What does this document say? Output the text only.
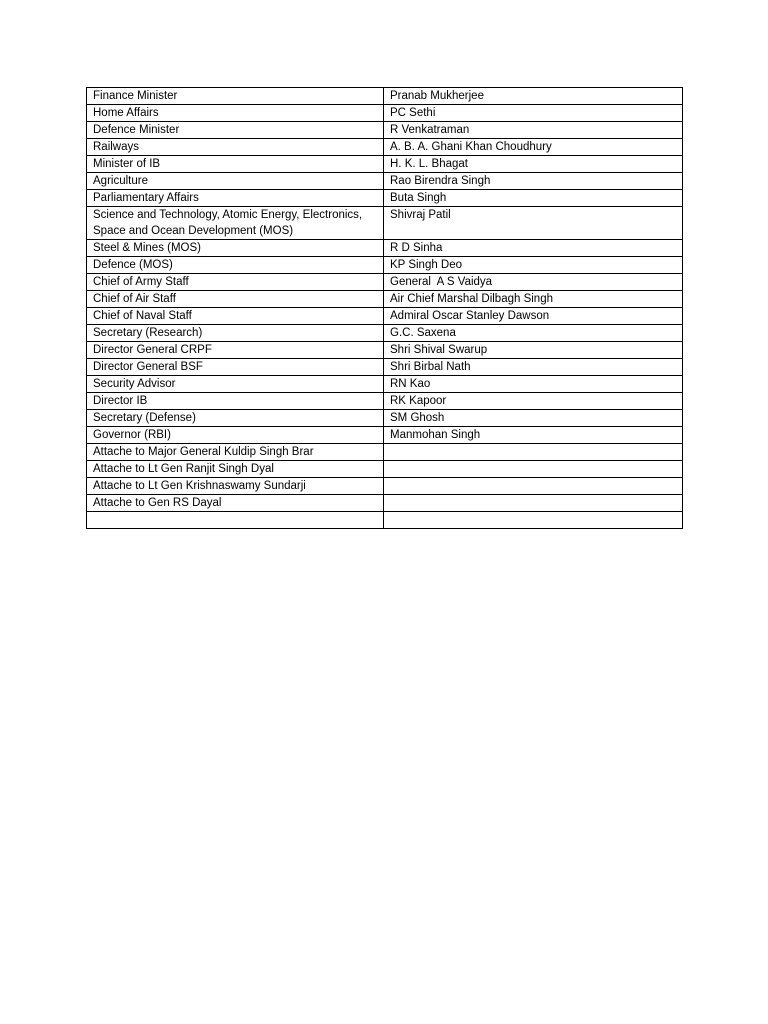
Finance Minister	Pranab Mukherjee
Home Affairs	PC Sethi
Defence Minister	R Venkatraman
Railways	A. B. A. Ghani Khan Choudhury
Minister of IB	H. K. L. Bhagat
Agriculture	Rao Birendra Singh
Parliamentary Affairs	Buta Singh
Science and Technology, Atomic Energy, Electronics, Space and Ocean Development (MOS)	Shivraj Patil
Steel & Mines (MOS)	R D Sinha
Defence (MOS)	KP Singh Deo
Chief of Army Staff	General  A S Vaidya
Chief of Air Staff	Air Chief Marshal Dilbagh Singh
Chief of Naval Staff	Admiral Oscar Stanley Dawson
Secretary (Research)	G.C. Saxena
Director General CRPF	Shri Shival Swarup
Director General BSF	Shri Birbal Nath
Security Advisor	RN Kao
Director IB	RK Kapoor
Secretary (Defense)	SM Ghosh
Governor (RBI)	Manmohan Singh
Attache to Major General Kuldip Singh Brar	
Attache to Lt Gen Ranjit Singh Dyal	
Attache to Lt Gen Krishnaswamy Sundarji	
Attache to Gen RS Dayal	
